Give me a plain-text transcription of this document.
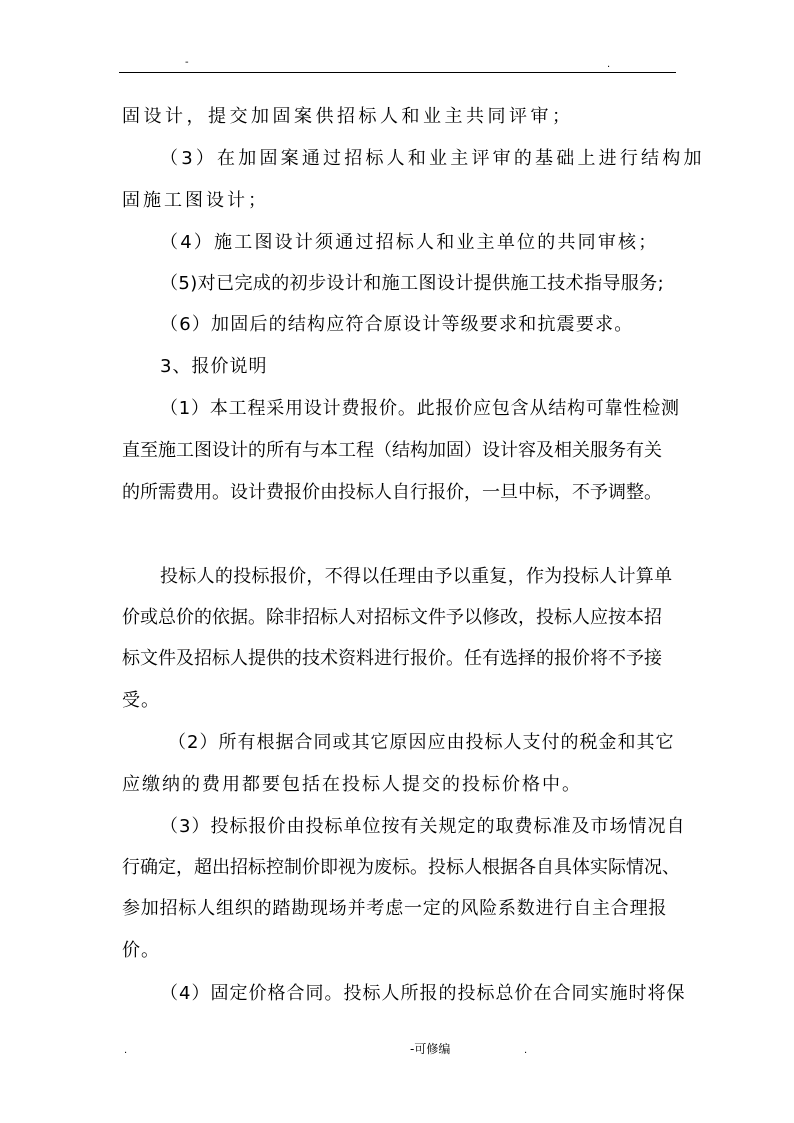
-	.
固设计，提交加固案供招标人和业主共同评审；
（3）在加固案通过招标人和业主评审的基础上进行结构加
固施工图设计；
（4）施工图设计须通过招标人和业主单位的共同审核；
（5)对已完成的初步设计和施工图设计提供施工技术指导服务;
（6）加固后的结构应符合原设计等级要求和抗震要求。
3、报价说明
（1）本工程采用设计费报价。此报价应包含从结构可靠性检测
直至施工图设计的所有与本工程（结构加固）设计容及相关服务有关
的所需费用。设计费报价由投标人自行报价，一旦中标，不予调整。
投标人的投标报价，不得以任理由予以重复，作为投标人计算单
价或总价的依据。除非招标人对招标文件予以修改，投标人应按本招
标文件及招标人提供的技术资料进行报价。任有选择的报价将不予接
受。
（2）所有根据合同或其它原因应由投标人支付的税金和其它
应缴纳的费用都要包括在投标人提交的投标价格中。
（3）投标报价由投标单位按有关规定的取费标准及市场情况自
行确定，超出招标控制价即视为废标。投标人根据各自具体实际情况、
参加招标人组织的踏勘现场并考虑一定的风险系数进行自主合理报
价。
（4）固定价格合同。投标人所报的投标总价在合同实施时将保
.	-可修编	.
